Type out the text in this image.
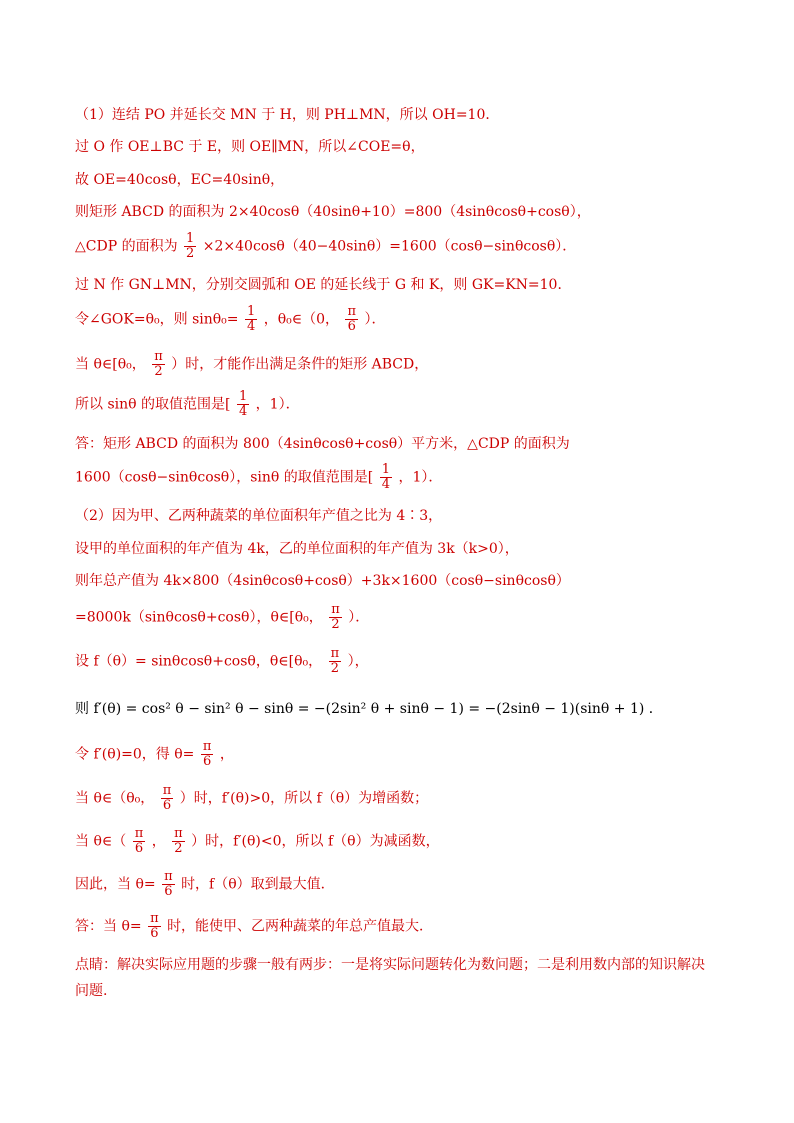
（1）连结 PO 并延长交 MN 于 H，则 PH⊥MN，所以 OH=10．
过 O 作 OE⊥BC 于 E，则 OE∥MN，所以∠COE=θ，
故 OE=40cosθ，EC=40sinθ，
则矩形 ABCD 的面积为 2×40cosθ（40sinθ+10）=800（4sinθcosθ+cosθ），
△CDP 的面积为 $\frac{1}{2} \times 2\times 40\cos\theta(40-40\sin\theta)=1600(\cos\theta-\sin\theta\cos\theta)$．
过 N 作 GN⊥MN，分别交圆弧和 OE 的延长线于 G 和 K，则 GK=KN=10．
令∠GOK=θ₀，则 $\sin\theta_0= \frac{1}{4}$ ，θ₀∈（0， $\frac{\pi}{6}$ ）．
当 θ∈[θ₀， $\frac{\pi}{2}$ ）时，才能作出满足条件的矩形 ABCD，
所以 sinθ 的取值范围是[ $\frac{1}{4}$ ，1）．
答：矩形 ABCD 的面积为 800（4sinθcosθ+cosθ）平方米，△CDP 的面积为
1600（cosθ−sinθcosθ），sinθ 的取值范围是[ $\frac{1}{4}$ ，1）．
（2）因为甲、乙两种蔬菜的单位面积年产值之比为 4∶3，
设甲的单位面积的年产值为 4k，乙的单位面积的年产值为 3k（k>0），
则年总产值为 4k×800（4sinθcosθ+cosθ）+3k×1600（cosθ−sinθcosθ）
=8000k（sinθcosθ+cosθ），θ∈[θ₀， $\frac{\pi}{2}$ ）．
设 f（θ）= sinθcosθ+cosθ，θ∈[θ₀， $\frac{\pi}{2}$ ），
则 f′(θ) = cos² θ − sin² θ − sinθ = −(2sin² θ + sinθ − 1) = −(2sinθ − 1)(sinθ + 1) ．
令 f′(θ)=0，得 $\theta= \frac{\pi}{6}$ ，
当 θ∈（θ₀， $\frac{\pi}{6}$ ）时，f′(θ)>0，所以 f（θ）为增函数；
当 θ∈（ $\frac{\pi}{6}$ ， $\frac{\pi}{2}$ ）时，f′(θ)<0，所以 f（θ）为减函数，
因此，当 $\theta= \frac{\pi}{6}$ 时，f（θ）取到最大值．
答：当 $\theta= \frac{\pi}{6}$ 时，能使甲、乙两种蔬菜的年总产值最大．
点睛：解决实际应用题的步骤一般有两步：一是将实际问题转化为数问题；二是利用数内部的知识解决问题.
